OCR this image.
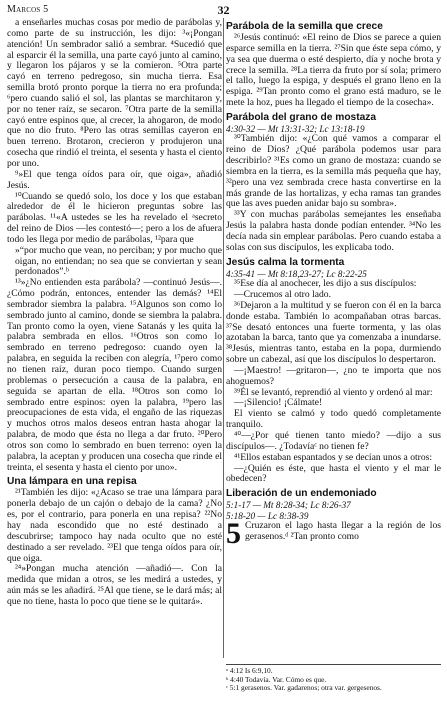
Marcos 5	32

a enseñarles muchas cosas por medio de parábolas y, como parte de su instrucción, les dijo: ³«¡Pongan atención! Un sembrador salió a sembrar. ⁴Sucedió que al esparcir él la semilla, una parte cayó junto al camino, y llegaron los pájaros y se la comieron. ⁵Otra parte cayó en terreno pedregoso, sin mucha tierra. Esa semilla brotó pronto porque la tierra no era profunda; ⁶pero cuando salió el sol, las plantas se marchitaron y, por no tener raíz, se secaron. ⁷Otra parte de la semilla cayó entre espinos que, al crecer, la ahogaron, de modo que no dio fruto. ⁸Pero las otras semillas cayeron en buen terreno. Brotaron, crecieron y produjeron una cosecha que rindió el treinta, el sesenta y hasta el ciento por uno.

⁹»El que tenga oídos para oír, que oiga», añadió Jesús.

¹⁰Cuando se quedó solo, los doce y los que estaban alrededor de él le hicieron preguntas sobre las parábolas. ¹¹«A ustedes se les ha revelado el ᵃsecreto del reino de Dios —les contestó—; pero a los de afuera todo les llega por medio de parábolas, ¹²para que

»“por mucho que vean, no perciban; y por mucho que oigan, no entiendan; no sea que se conviertan y sean perdonados”.ᵇ

¹³»¿No entienden esta parábola? —continuó Jesús—. ¿Cómo podrán, entonces, entender las demás? ¹⁴El sembrador siembra la palabra. ¹⁵Algunos son como lo sembrado junto al camino, donde se siembra la palabra. Tan pronto como la oyen, viene Satanás y les quita la palabra sembrada en ellos. ¹⁶Otros son como lo sembrado en terreno pedregoso: cuando oyen la palabra, en seguida la reciben con alegría, ¹⁷pero como no tienen raíz, duran poco tiempo. Cuando surgen problemas o persecución a causa de la palabra, en seguida se apartan de ella. ¹⁸Otros son como lo sembrado entre espinos: oyen la palabra, ¹⁹pero las preocupaciones de esta vida, el engaño de las riquezas y muchos otros malos deseos entran hasta ahogar la palabra, de modo que ésta no llega a dar fruto. ²⁰Pero otros son como lo sembrado en buen terreno: oyen la palabra, la aceptan y producen una cosecha que rinde el treinta, el sesenta y hasta el ciento por uno».

Una lámpara en una repisa

²¹También les dijo: «¿Acaso se trae una lámpara para ponerla debajo de un cajón o debajo de la cama? ¿No es, por el contrario, para ponerla en una repisa? ²²No hay nada escondido que no esté destinado a descubrirse; tampoco hay nada oculto que no esté destinado a ser revelado. ²³El que tenga oídos para oír, que oiga.

²⁴»Pongan mucha atención —añadió—. Con la medida que midan a otros, se les medirá a ustedes, y aún más se les añadirá. ²⁵Al que tiene, se le dará más; al que no tiene, hasta lo poco que tiene se le quitará».

Parábola de la semilla que crece

²⁶Jesús continuó: «El reino de Dios se parece a quien esparce semilla en la tierra. ²⁷Sin que éste sepa cómo, y ya sea que duerma o esté despierto, día y noche brota y crece la semilla. ²⁸La tierra da fruto por sí sola; primero el tallo, luego la espiga, y después el grano lleno en la espiga. ²⁹Tan pronto como el grano está maduro, se le mete la hoz, pues ha llegado el tiempo de la cosecha».

Parábola del grano de mostaza

4:30-32 — Mt 13:31-32; Lc 13:18-19

³⁰También dijo: «¿Con qué vamos a comparar el reino de Dios? ¿Qué parábola podemos usar para describirlo? ³¹Es como un grano de mostaza: cuando se siembra en la tierra, es la semilla más pequeña que hay, ³²pero una vez sembrada crece hasta convertirse en la más grande de las hortalizas, y echa ramas tan grandes que las aves pueden anidar bajo su sombra».

³³Y con muchas parábolas semejantes les enseñaba Jesús la palabra hasta donde podían entender. ³⁴No les decía nada sin emplear parábolas. Pero cuando estaba a solas con sus discípulos, les explicaba todo.

Jesús calma la tormenta

4:35-41 — Mt 8:18,23-27; Lc 8:22-25

³⁵Ese día al anochecer, les dijo a sus discípulos:

—Crucemos al otro lado.

³⁶Dejaron a la multitud y se fueron con él en la barca donde estaba. También lo acompañaban otras barcas. ³⁷Se desató entonces una fuerte tormenta, y las olas azotaban la barca, tanto que ya comenzaba a inundarse. ³⁸Jesús, mientras tanto, estaba en la popa, durmiendo sobre un cabezal, así que los discípulos lo despertaron.

—¡Maestro! —gritaron—, ¿no te importa que nos ahoguemos?

³⁹Él se levantó, reprendió al viento y ordenó al mar:

—¡Silencio! ¡Cálmate!

El viento se calmó y todo quedó completamente tranquilo.

⁴⁰—¿Por qué tienen tanto miedo? —dijo a sus discípulos—. ¿Todavíaᶜ no tienen fe?

⁴¹Ellos estaban espantados y se decían unos a otros:

—¿Quién es éste, que hasta el viento y el mar le obedecen?

Liberación de un endemoniado

5:1-17 — Mt 8:28-34; Lc 8:26-37

5:18-20 — Lc 8:38-39

5 Cruzaron el lago hasta llegar a la región de los gerasenos.ᵈ ²Tan pronto como

ᵃ 4:12 Is 6:9,10.

ᵇ 4:40 Todavía. Var. Cómo es que.

ᶜ 5:1 gerasenos. Var. gadarenos; otra var. gergesenos.
